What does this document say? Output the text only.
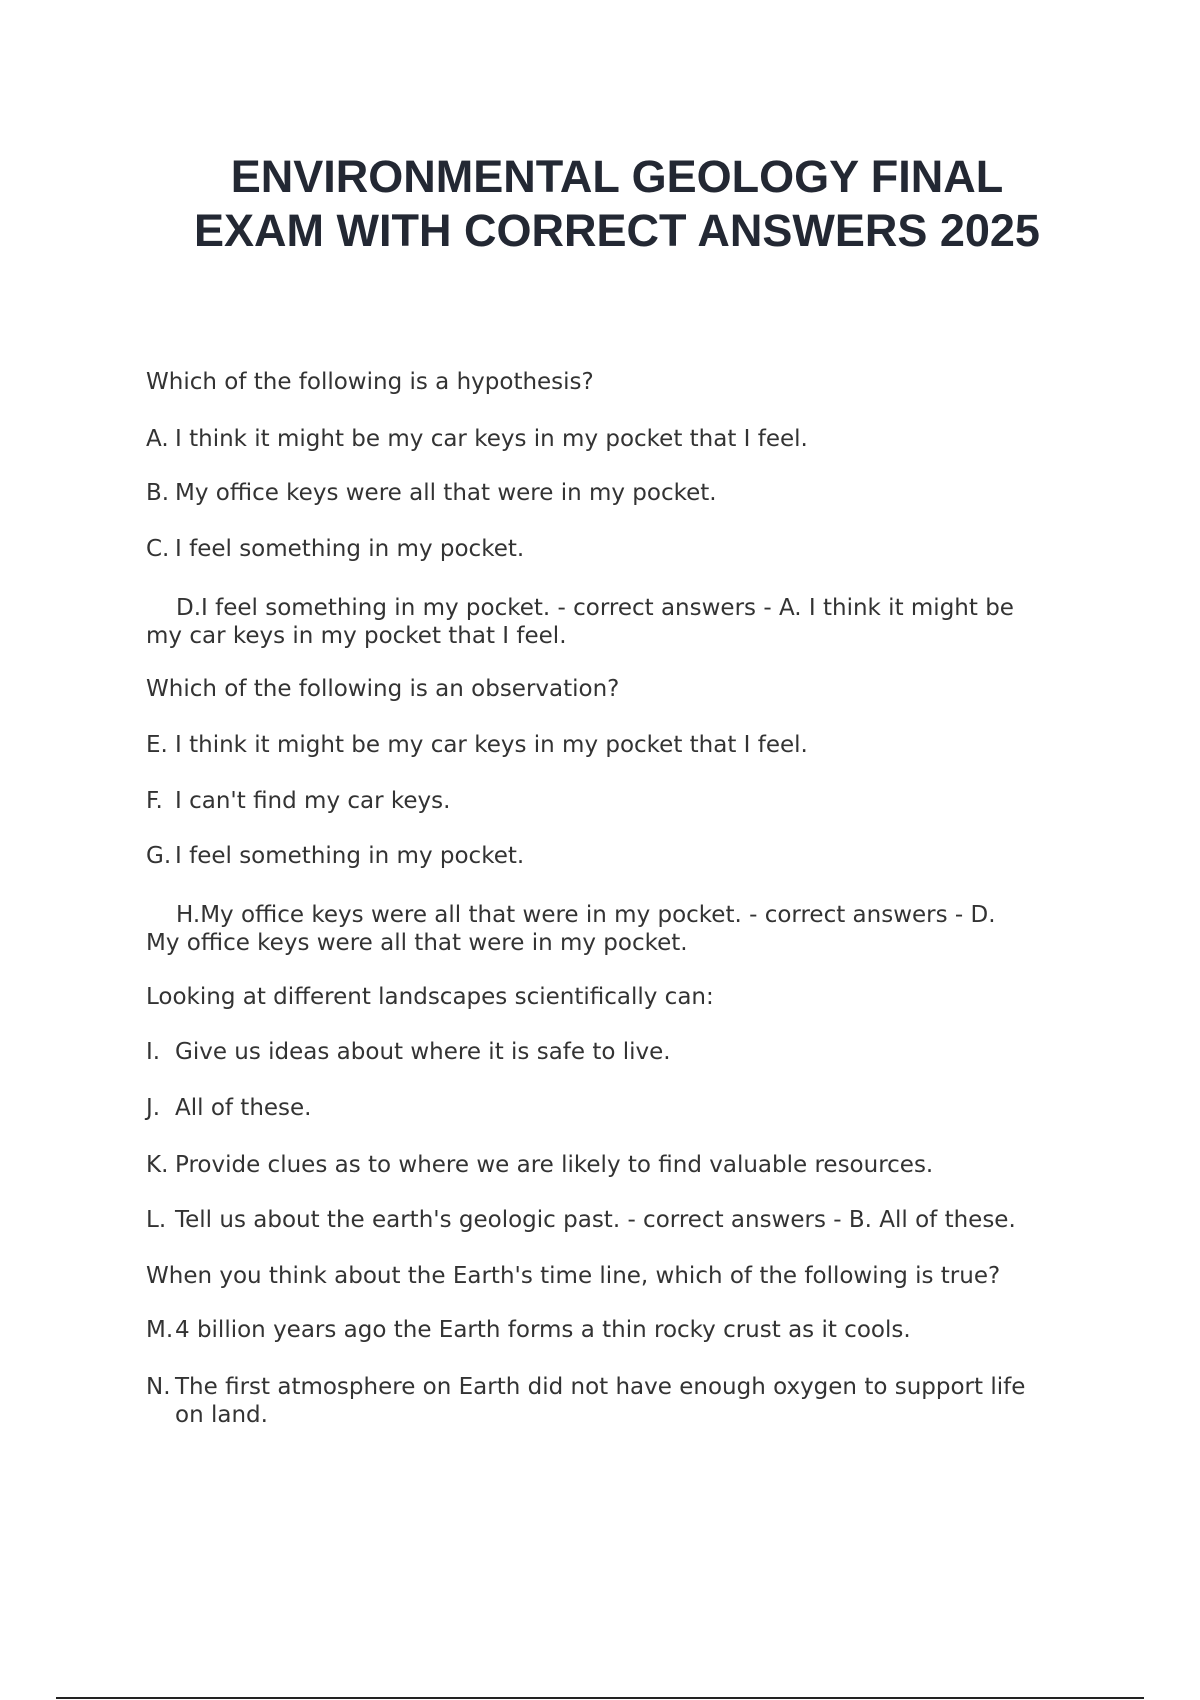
ENVIRONMENTAL GEOLOGY FINAL
EXAM WITH CORRECT ANSWERS 2025
Which of the following is a hypothesis?
A. I think it might be my car keys in my pocket that I feel.
B. My office keys were all that were in my pocket.
C. I feel something in my pocket.
D.I feel something in my pocket. - correct answers - A. I think it might be
my car keys in my pocket that I feel.
Which of the following is an observation?
E. I think it might be my car keys in my pocket that I feel.
F. I can't find my car keys.
G. I feel something in my pocket.
H.My office keys were all that were in my pocket. - correct answers - D.
My office keys were all that were in my pocket.
Looking at different landscapes scientifically can:
I. Give us ideas about where it is safe to live.
J. All of these.
K. Provide clues as to where we are likely to find valuable resources.
L. Tell us about the earth's geologic past. - correct answers - B. All of these.
When you think about the Earth's time line, which of the following is true?
M.4 billion years ago the Earth forms a thin rocky crust as it cools.
N. The first atmosphere on Earth did not have enough oxygen to support life
on land.
